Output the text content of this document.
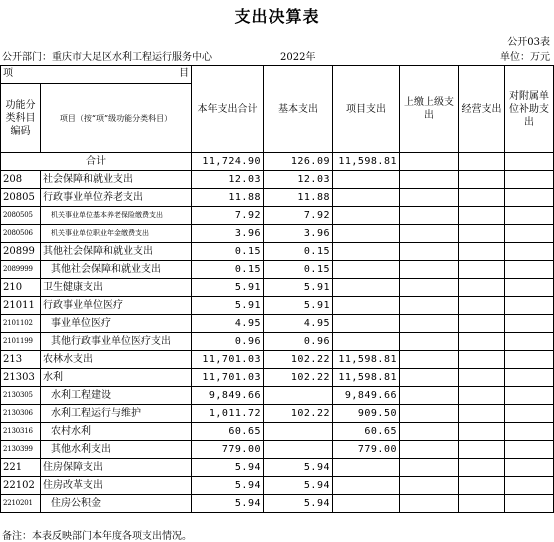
支出决算表
公开03表
公开部门：重庆市大足区水利工程运行服务中心	2022年	单位：万元
项 目		本年支出合计	基本支出	项目支出	上缴上级支出	经营支出	对附属单位补助支出
功能分类科目编码	项目（按“项”级功能分类科目）						
合计		11,724.90	126.09	11,598.81			
208	社会保障和就业支出	12.03	12.03				
20805	行政事业单位养老支出	11.88	11.88				
2080505	机关事业单位基本养老保险缴费支出	7.92	7.92				
2080506	机关事业单位职业年金缴费支出	3.96	3.96				
20899	其他社会保障和就业支出	0.15	0.15				
2089999	其他社会保障和就业支出	0.15	0.15				
210	卫生健康支出	5.91	5.91				
21011	行政事业单位医疗	5.91	5.91				
2101102	事业单位医疗	4.95	4.95				
2101199	其他行政事业单位医疗支出	0.96	0.96				
213	农林水支出	11,701.03	102.22	11,598.81			
21303	水利	11,701.03	102.22	11,598.81			
2130305	水利工程建设	9,849.66		9,849.66			
2130306	水利工程运行与维护	1,011.72	102.22	909.50			
2130316	农村水利	60.65		60.65			
2130399	其他水利支出	779.00		779.00			
221	住房保障支出	5.94	5.94				
22102	住房改革支出	5.94	5.94				
2210201	住房公积金	5.94	5.94				
备注：本表反映部门本年度各项支出情况。
